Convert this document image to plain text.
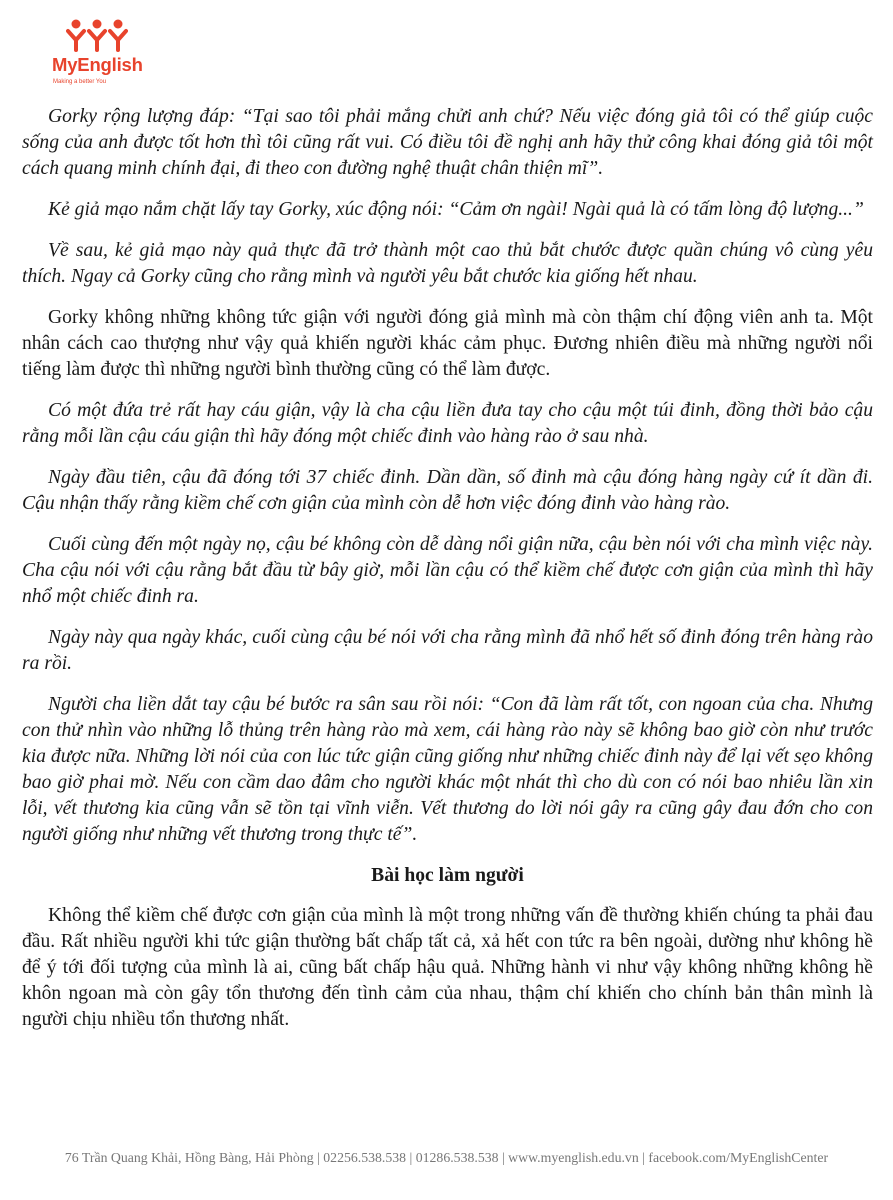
MyEnglish
Making a better You

Gorky rộng lượng đáp: “Tại sao tôi phải mắng chửi anh chứ? Nếu việc đóng giả tôi có thể giúp cuộc sống của anh được tốt hơn thì tôi cũng rất vui. Có điều tôi đề nghị anh hãy thử công khai đóng giả tôi một cách quang minh chính đại, đi theo con đường nghệ thuật chân thiện mĩ”.

Kẻ giả mạo nắm chặt lấy tay Gorky, xúc động nói: “Cảm ơn ngài! Ngài quả là có tấm lòng độ lượng...”

Về sau, kẻ giả mạo này quả thực đã trở thành một cao thủ bắt chước được quần chúng vô cùng yêu thích. Ngay cả Gorky cũng cho rằng mình và người yêu bắt chước kia giống hết nhau.

Gorky không những không tức giận với người đóng giả mình mà còn thậm chí động viên anh ta. Một nhân cách cao thượng như vậy quả khiến người khác cảm phục. Đương nhiên điều mà những người nổi tiếng làm được thì những người bình thường cũng có thể làm được.

Có một đứa trẻ rất hay cáu giận, vậy là cha cậu liền đưa tay cho cậu một túi đinh, đồng thời bảo cậu rằng mỗi lần cậu cáu giận thì hãy đóng một chiếc đinh vào hàng rào ở sau nhà.

Ngày đầu tiên, cậu đã đóng tới 37 chiếc đinh. Dần dần, số đinh mà cậu đóng hàng ngày cứ ít dần đi. Cậu nhận thấy rằng kiềm chế cơn giận của mình còn dễ hơn việc đóng đinh vào hàng rào.

Cuối cùng đến một ngày nọ, cậu bé không còn dễ dàng nổi giận nữa, cậu bèn nói với cha mình việc này. Cha cậu nói với cậu rằng bắt đầu từ bây giờ, mỗi lần cậu có thể kiềm chế được cơn giận của mình thì hãy nhổ một chiếc đinh ra.

Ngày này qua ngày khác, cuối cùng cậu bé nói với cha rằng mình đã nhổ hết số đinh đóng trên hàng rào ra rồi.

Người cha liền dắt tay cậu bé bước ra sân sau rồi nói: “Con đã làm rất tốt, con ngoan của cha. Nhưng con thử nhìn vào những lỗ thủng trên hàng rào mà xem, cái hàng rào này sẽ không bao giờ còn như trước kia được nữa. Những lời nói của con lúc tức giận cũng giống như những chiếc đinh này để lại vết sẹo không bao giờ phai mờ. Nếu con cầm dao đâm cho người khác một nhát thì cho dù con có nói bao nhiêu lần xin lỗi, vết thương kia cũng vẫn sẽ tồn tại vĩnh viễn. Vết thương do lời nói gây ra cũng gây đau đớn cho con người giống như những vết thương trong thực tế”.

Bài học làm người

Không thể kiềm chế được cơn giận của mình là một trong những vấn đề thường khiến chúng ta phải đau đầu. Rất nhiều người khi tức giận thường bất chấp tất cả, xả hết con tức ra bên ngoài, dường như không hề để ý tới đối tượng của mình là ai, cũng bất chấp hậu quả. Những hành vi như vậy không những không hề khôn ngoan mà còn gây tổn thương đến tình cảm của nhau, thậm chí khiến cho chính bản thân mình là người chịu nhiều tổn thương nhất.

76 Trần Quang Khải, Hồng Bàng, Hải Phòng | 02256.538.538 | 01286.538.538 | www.myenglish.edu.vn | facebook.com/MyEnglishCenter
